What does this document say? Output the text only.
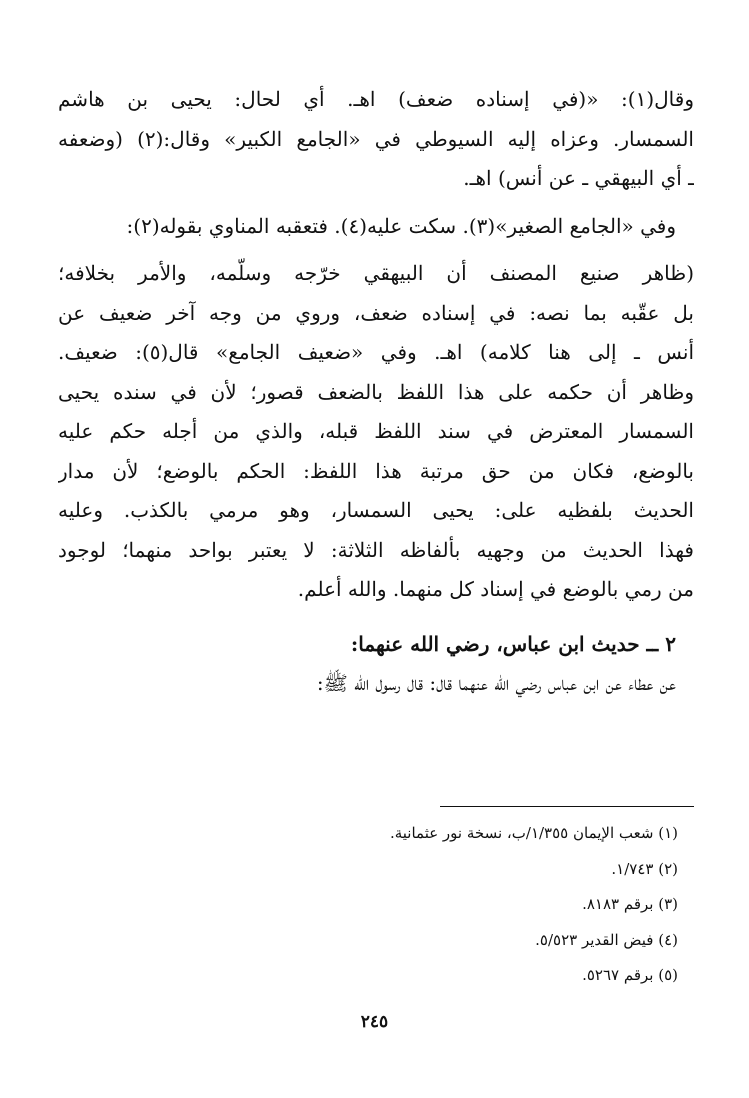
وقال(١): «(في إسناده ضعف) اهـ. أي لحال: يحيى بن هاشم
السمسار. وعزاه إليه السيوطي في «الجامع الكبير» وقال:(٢) (وضعفه
ـ أي البيهقي ـ عن أنس) اهـ.
وفي «الجامع الصغير»(٣). سكت عليه(٤). فتعقبه المناوي بقوله(٢):
(ظاهر صنيع المصنف أن البيهقي خرّجه وسلّمه، والأمر بخلافه؛
بل عقّبه بما نصه: في إسناده ضعف، وروي من وجه آخر ضعيف عن
أنس ـ إلى هنا كلامه) اهـ. وفي «ضعيف الجامع» قال(٥): ضعيف.
وظاهر أن حكمه على هذا اللفظ بالضعف قصور؛ لأن في سنده يحيى
السمسار المعترض في سند اللفظ قبله، والذي من أجله حكم عليه
بالوضع، فكان من حق مرتبة هذا اللفظ: الحكم بالوضع؛ لأن مدار
الحديث بلفظيه على: يحيى السمسار، وهو مرمي بالكذب. وعليه
فهذا الحديث من وجهيه بألفاظه الثلاثة: لا يعتبر بواحد منهما؛ لوجود
من رمي بالوضع في إسناد كل منهما. والله أعلم.
٢ ــ حديث ابن عباس، رضي الله عنهما:
عن عطاء عن ابن عباس رضي الله عنهما قال: قال رسول الله ﷺ:
(١) شعب الإيمان ١/٣٥٥/ب، نسخة نور عثمانية.
(٢) ١/٧٤٣.
(٣) برقم ٨١٨٣.
(٤) فيض القدير ٥/٥٢٣.
(٥) برقم ٥٢٦٧.
٢٤٥
